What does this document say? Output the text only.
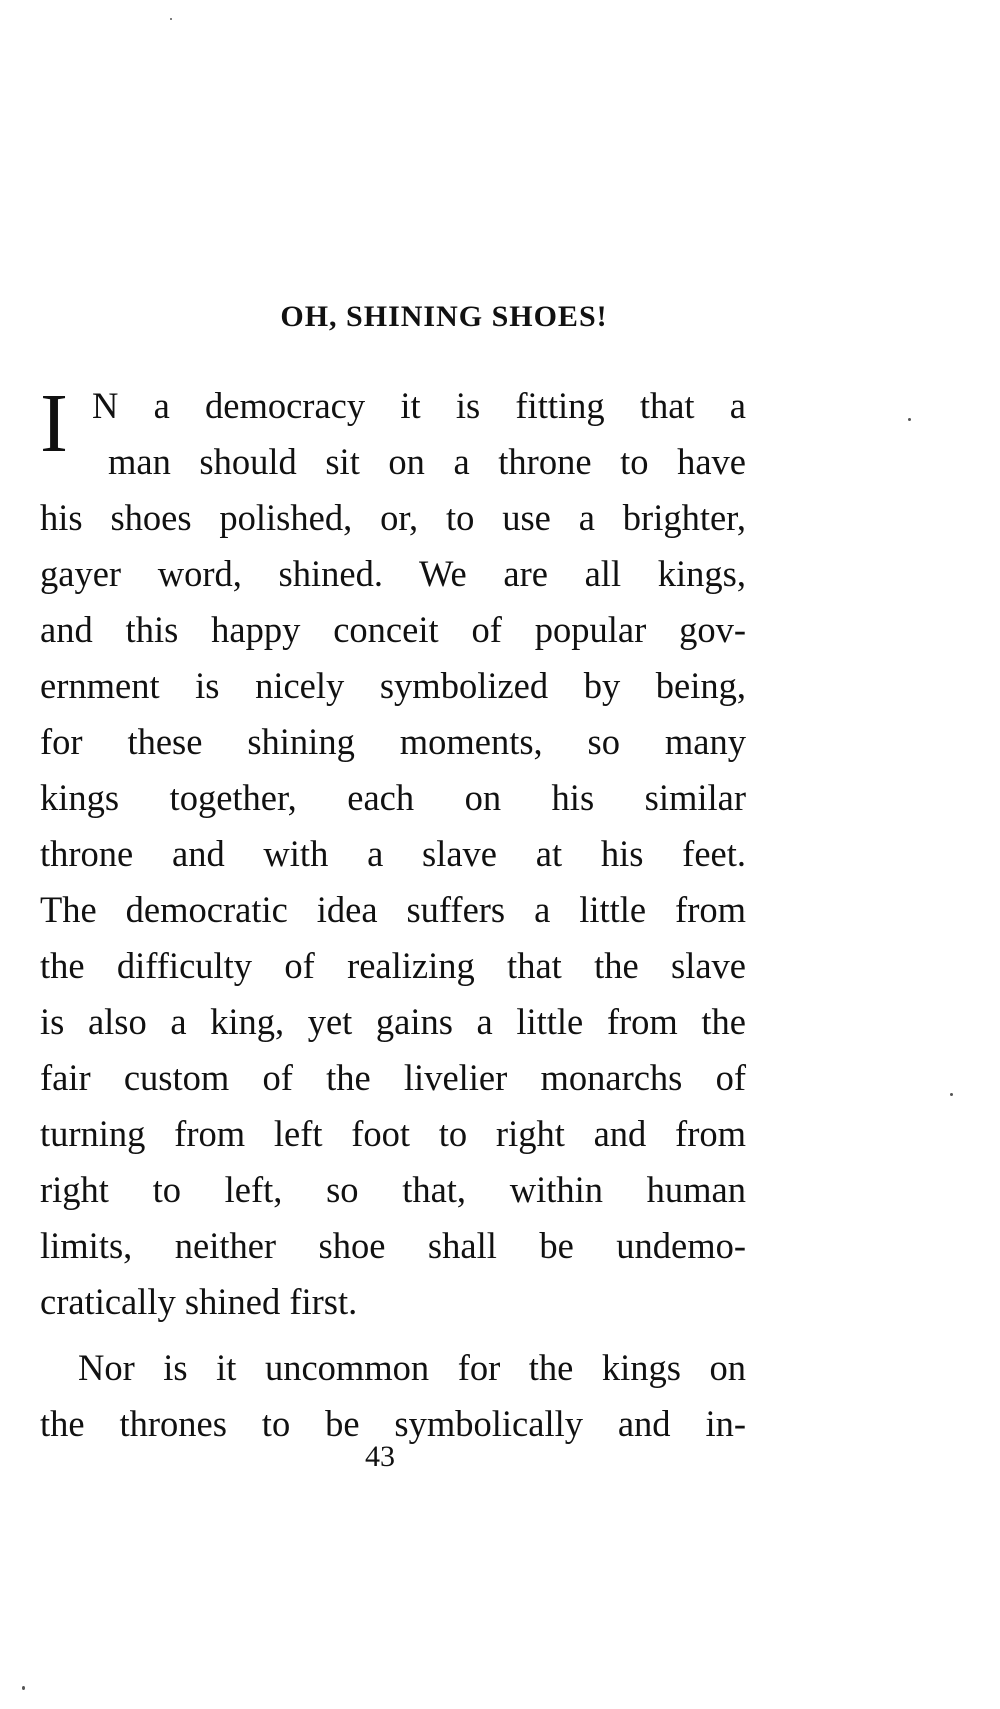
OH, SHINING SHOES!
I N a democracy it is fitting that a
man should sit on a throne to have
his shoes polished, or, to use a brighter,
gayer word, shined. We are all kings,
and this happy conceit of popular gov-
ernment is nicely symbolized by being,
for these shining moments, so many
kings together, each on his similar
throne and with a slave at his feet.
The democratic idea suffers a little from
the difficulty of realizing that the slave
is also a king, yet gains a little from the
fair custom of the livelier monarchs of
turning from left foot to right and from
right to left, so that, within human
limits, neither shoe shall be undemo-
cratically shined first.
Nor is it uncommon for the kings on
the thrones to be symbolically and in-
43
